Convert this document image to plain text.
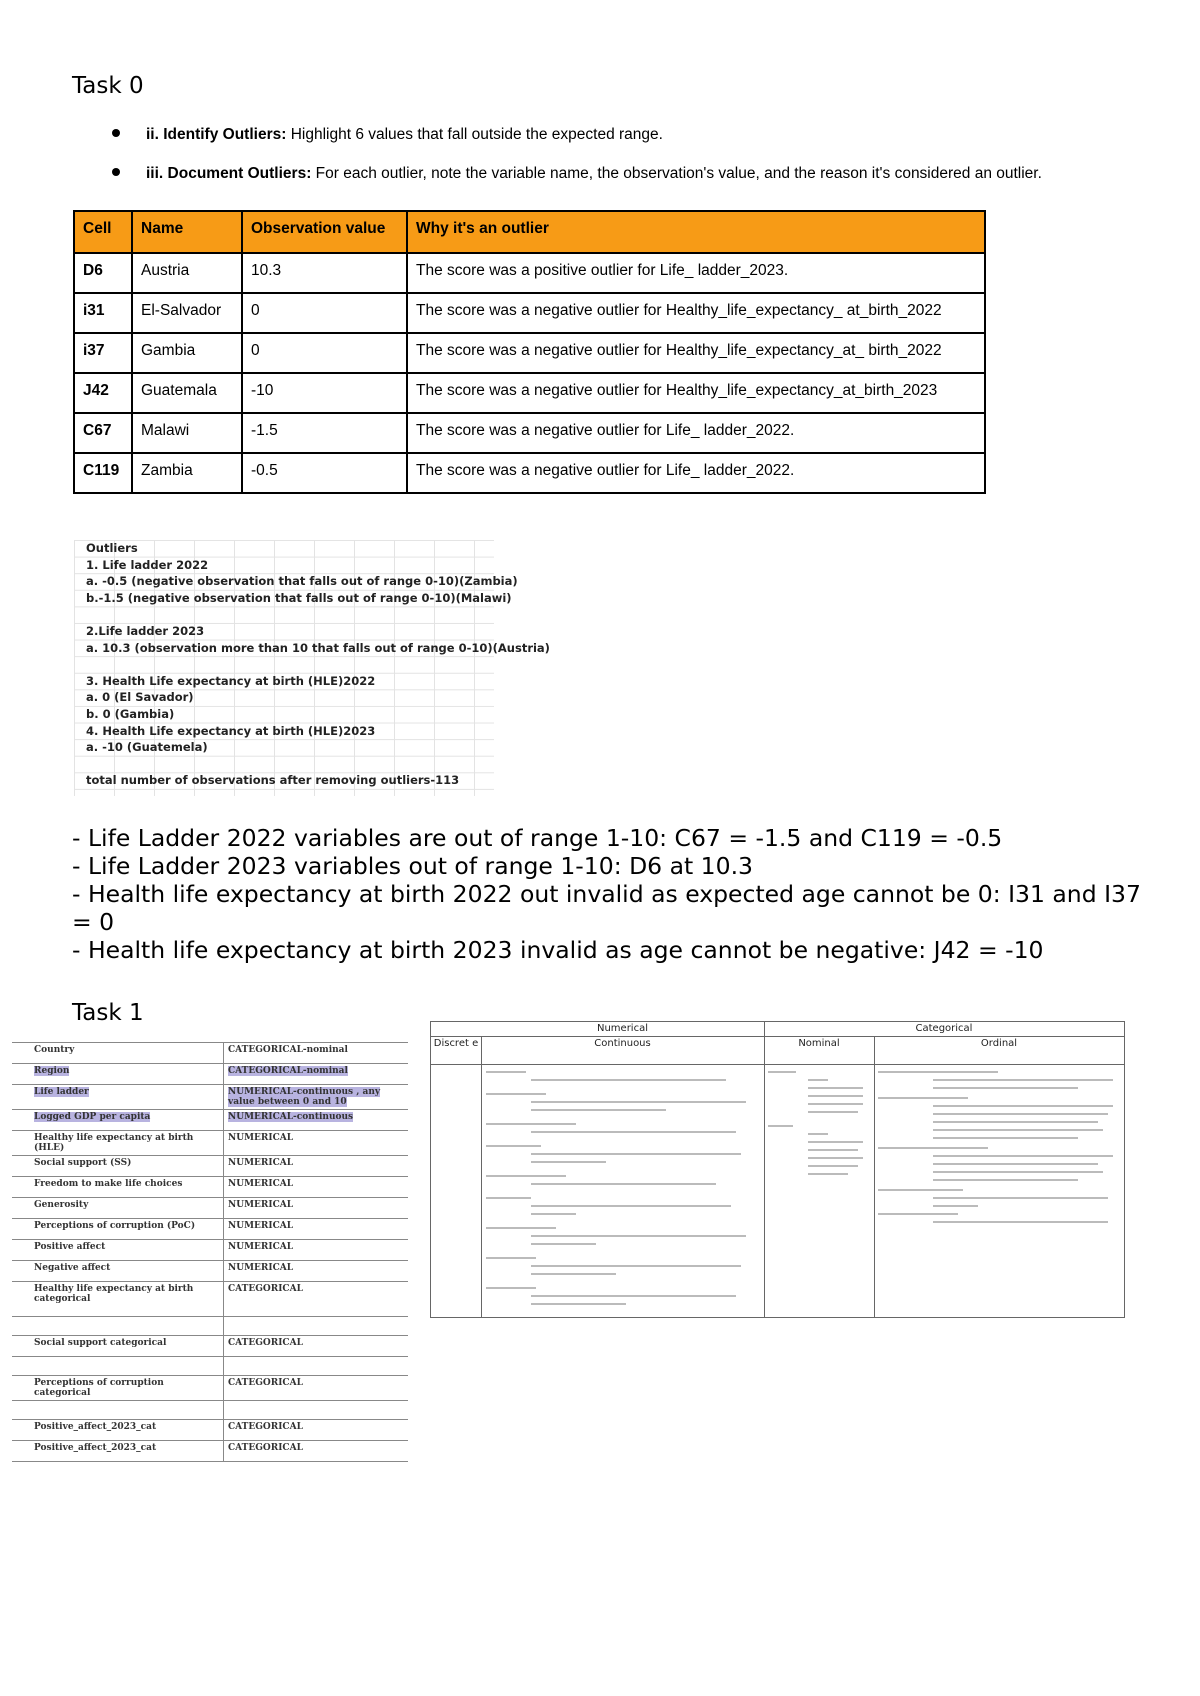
Task 0
ii. Identify Outliers: Highlight 6 values that fall outside the expected range.
iii. Document Outliers: For each outlier, note the variable name, the observation's value, and the reason it's considered an outlier.
Cell	Name	Observation value	Why it's an outlier
D6	Austria	10.3	The score was a positive outlier for Life_ ladder_2023.
i31	El-Salvador	0	The score was a negative outlier for Healthy_life_expectancy_ at_birth_2022
i37	Gambia	0	The score was a negative outlier for Healthy_life_expectancy_at_ birth_2022
J42	Guatemala	-10	The score was a negative outlier for Healthy_life_expectancy_at_birth_2023
C67	Malawi	-1.5	The score was a negative outlier for Life_ ladder_2022.
C119	Zambia	-0.5	The score was a negative outlier for Life_ ladder_2022.
Outliers
1. Life ladder 2022
a. -0.5 (negative observation that falls out of range 0-10)(Zambia)
b.-1.5 (negative observation that falls out of range 0-10)(Malawi)
2.Life ladder 2023
a. 10.3 (observation more than 10 that falls out of range 0-10)(Austria)
3. Health Life expectancy at birth (HLE)2022
a. 0 (El Savador)
b. 0 (Gambia)
4. Health Life expectancy at birth (HLE)2023
a. -10 (Guatemela)
total number of observations after removing outliers-113
- Life Ladder 2022 variables are out of range 1-10: C67 = -1.5 and C119 = -0.5
- Life Ladder 2023 variables out of range 1-10: D6 at 10.3
- Health life expectancy at birth 2022 out invalid as expected age cannot be 0: I31 and I37 = 0
- Health life expectancy at birth 2023 invalid as age cannot be negative: J42 = -10
Task 1
Country	CATEGORICAL-nominal
Region	CATEGORICAL-nominal
Life ladder	NUMERICAL-continuous , any value between 0 and 10
Logged GDP per capita	NUMERICAL-continuous
Healthy life expectancy at birth (HLE)	NUMERICAL
Social support (SS)	NUMERICAL
Freedom to make life choices	NUMERICAL
Generosity	NUMERICAL
Perceptions of corruption (PoC)	NUMERICAL
Positive affect	NUMERICAL
Negative affect	NUMERICAL
Healthy life expectancy at birth categorical	CATEGORICAL

Social support categorical	CATEGORICAL

Perceptions of corruption categorical	CATEGORICAL

Positive_affect_2023_cat	CATEGORICAL
Positive_affect_2023_cat	CATEGORICAL
Numerical	Categorical
Discret e	Continuous	Nominal	Ordinal
